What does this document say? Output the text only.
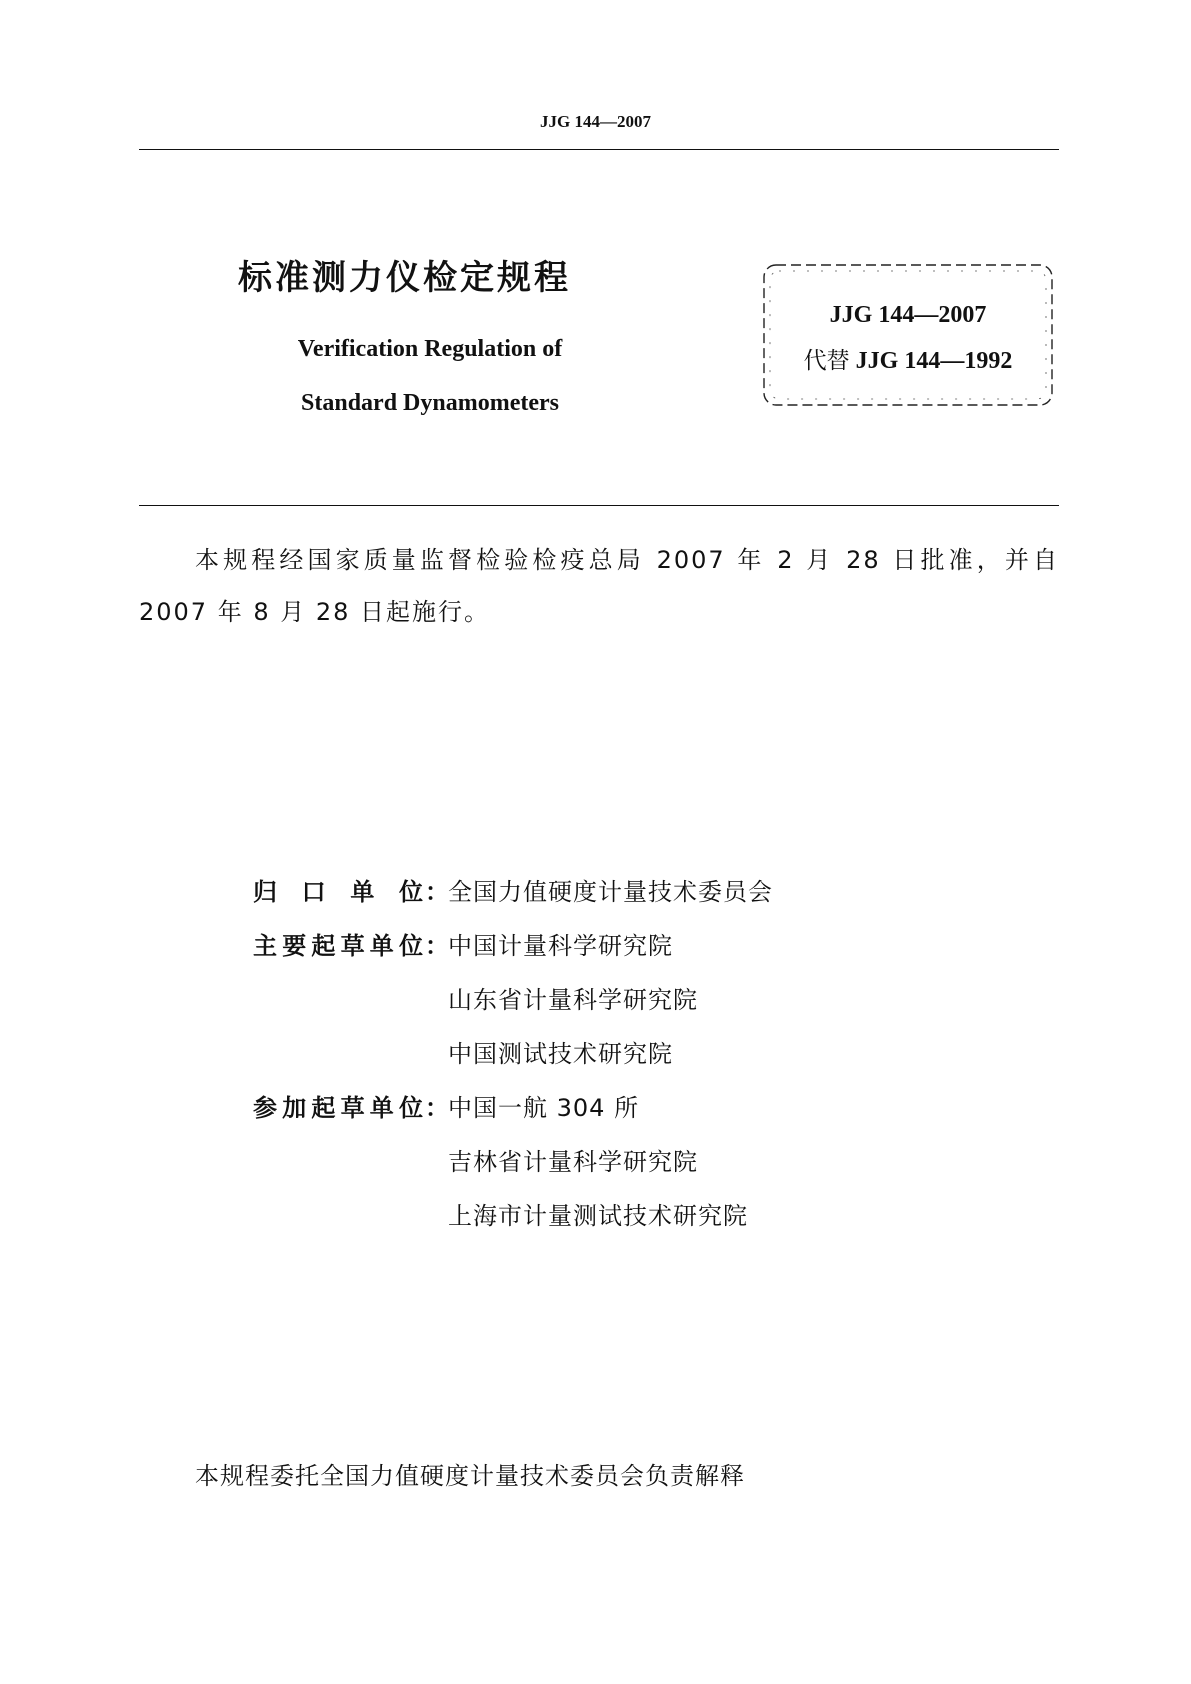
JJG 144—2007
标准测力仪检定规程
Verification Regulation of
Standard Dynamometers
JJG 144—2007
代替 JJG 144—1992
本规程经国家质量监督检验检疫总局 2007 年 2 月 28 日批准，并自 2007 年 8 月 28 日起施行。
归口单位 ： 全国力值硬度计量技术委员会
主要起草单位 ： 中国计量科学研究院
山东省计量科学研究院
中国测试技术研究院
参加起草单位 ： 中国一航 304 所
吉林省计量科学研究院
上海市计量测试技术研究院
本规程委托全国力值硬度计量技术委员会负责解释
